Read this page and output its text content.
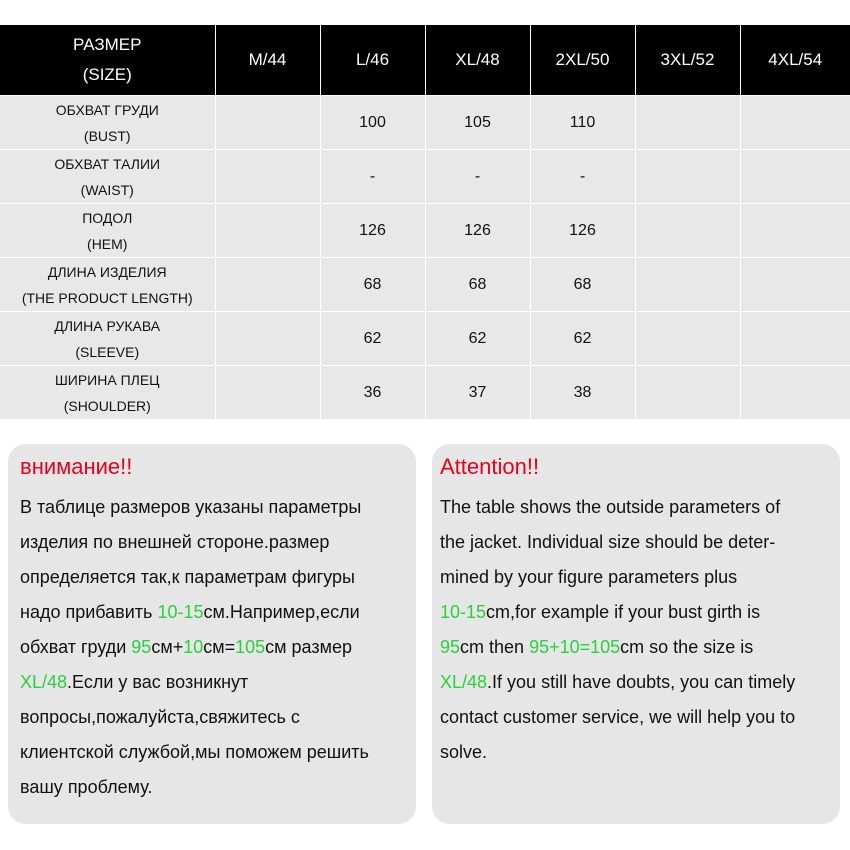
РАЗМЕР
(SIZE)	M/44	L/46	XL/48	2XL/50	3XL/52	4XL/54

ОБХВАТ ГРУДИ
(BUST)		100	105	110		

ОБХВАТ ТАЛИИ
(WAIST)		-	-	-		

ПОДОЛ
(HEM)		126	126	126		

ДЛИНА ИЗДЕЛИЯ
(THE PRODUCT LENGTH)		68	68	68		

ДЛИНА РУКАВА
(SLEEVE)		62	62	62		

ШИРИНА ПЛЕЦ
(SHOULDER)		36	37	38		

внимание!!

В таблице размеров указаны параметры
изделия по внешней стороне.размер
определяется так,к параметрам фигуры
надо прибавить 10-15см.Например,если
обхват груди 95см+10см=105см размер
XL/48.Если у вас возникнут
вопросы,пожалуйста,свяжитесь с
клиентской службой,мы поможем решить
вашу проблему.

Attention!!

The table shows the outside parameters of
the jacket. Individual size should be deter-
mined by your figure parameters plus
10-15cm,for example if your bust girth is
95cm then 95+10=105cm so the size is
XL/48.If you still have doubts, you can timely
contact customer service, we will help you to
solve.
